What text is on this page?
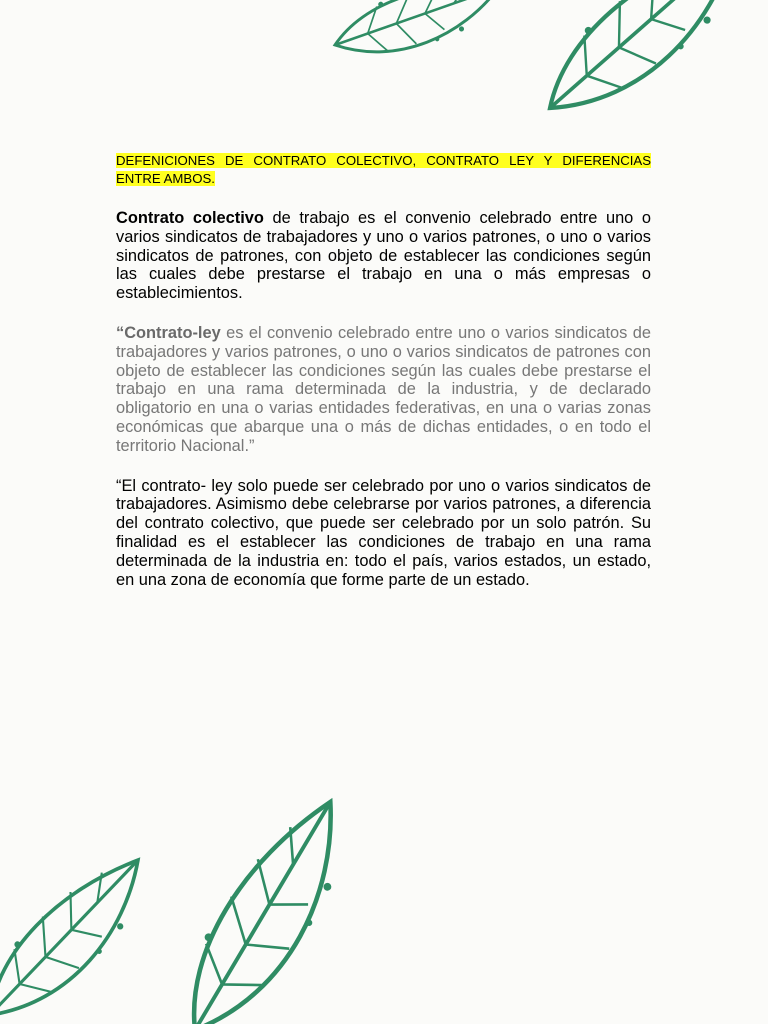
DEFENICIONES DE CONTRATO COLECTIVO, CONTRATO LEY Y DIFERENCIAS ENTRE AMBOS.

Contrato colectivo de trabajo es el convenio celebrado entre uno o varios sindicatos de trabajadores y uno o varios patrones, o uno o varios sindicatos de patrones, con objeto de establecer las condiciones según las cuales debe prestarse el trabajo en una o más empresas o establecimientos.

“Contrato-ley es el convenio celebrado entre uno o varios sindicatos de trabajadores y varios patrones, o uno o varios sindicatos de patrones con objeto de establecer las condiciones según las cuales debe prestarse el trabajo en una rama determinada de la industria, y de declarado obligatorio en una o varias entidades federativas, en una o varias zonas económicas que abarque una o más de dichas entidades, o en todo el territorio Nacional.”

“El contrato- ley solo puede ser celebrado por uno o varios sindicatos de trabajadores. Asimismo debe celebrarse por varios patrones, a diferencia del contrato colectivo, que puede ser celebrado por un solo patrón. Su finalidad es el establecer las condiciones de trabajo en una rama determinada de la industria en: todo el país, varios estados, un estado, en una zona de economía que forme parte de un estado.
